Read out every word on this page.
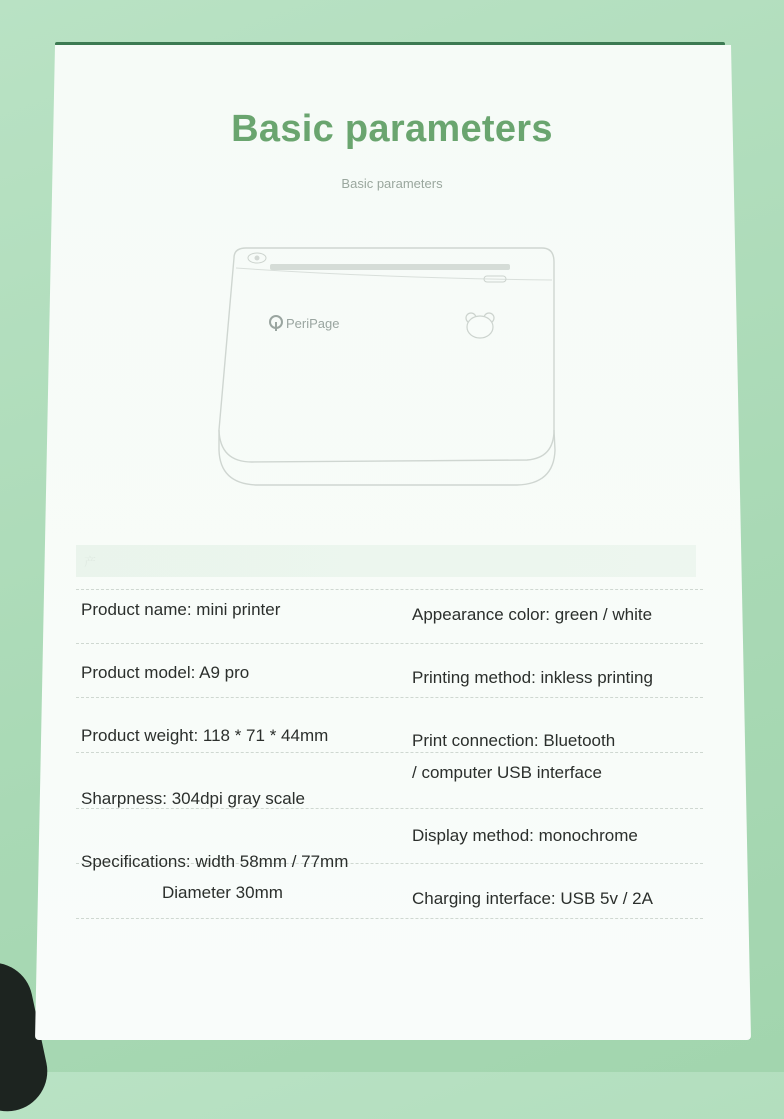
Basic parameters
Basic parameters
PeriPage
产
Product name: mini printer
Product model: A9 pro
Product weight: 118 * 71 * 44mm
Sharpness: 304dpi gray scale
Specifications: width 58mm / 77mm
Diameter 30mm
Appearance color: green / white
Printing method: inkless printing
Print connection: Bluetooth
/ computer USB interface
Display method: monochrome
Charging interface: USB 5v / 2A
